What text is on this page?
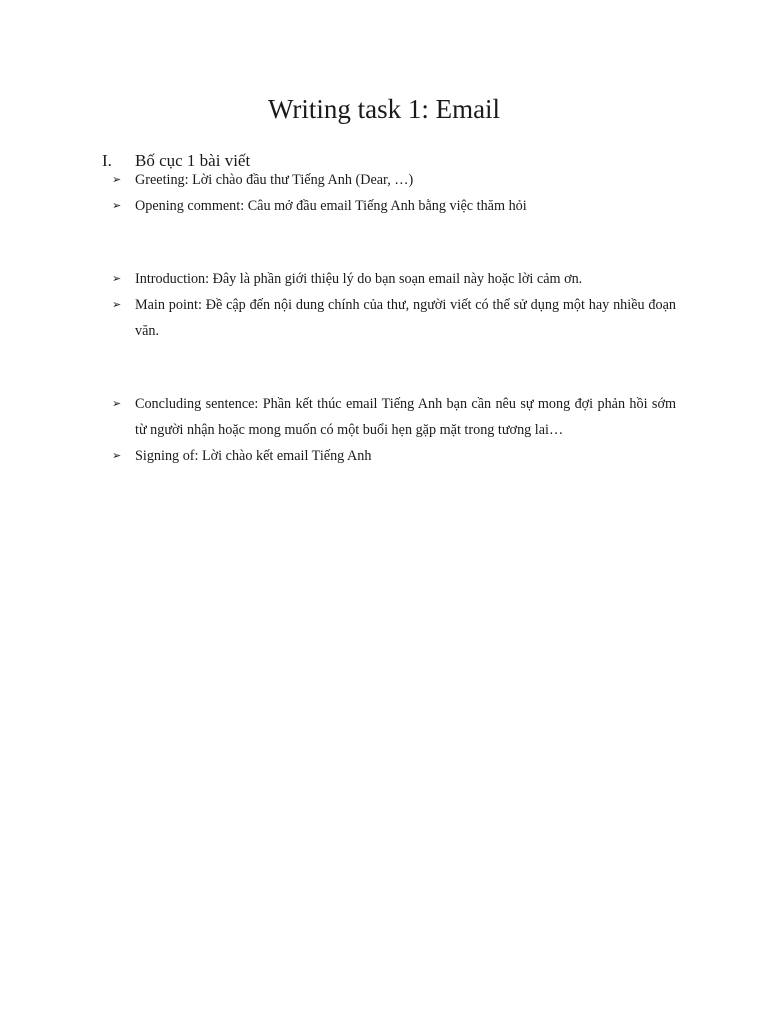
Writing task 1: Email
I. Bố cục 1 bài viết
➢ Greeting: Lời chào đầu thư Tiếng Anh (Dear, …)
➢ Opening comment: Câu mở đầu email Tiếng Anh bằng việc thăm hỏi
➢ Introduction: Đây là phần giới thiệu lý do bạn soạn email này hoặc lời cảm ơn.
➢ Main point: Đề cập đến nội dung chính của thư, người viết có thể sử dụng một hay nhiều đoạn văn.
➢ Concluding sentence: Phần kết thúc email Tiếng Anh bạn cần nêu sự mong đợi phản hồi sớm từ người nhận hoặc mong muốn có một buổi hẹn gặp mặt trong tương lai…
➢ Signing of: Lời chào kết email Tiếng Anh
